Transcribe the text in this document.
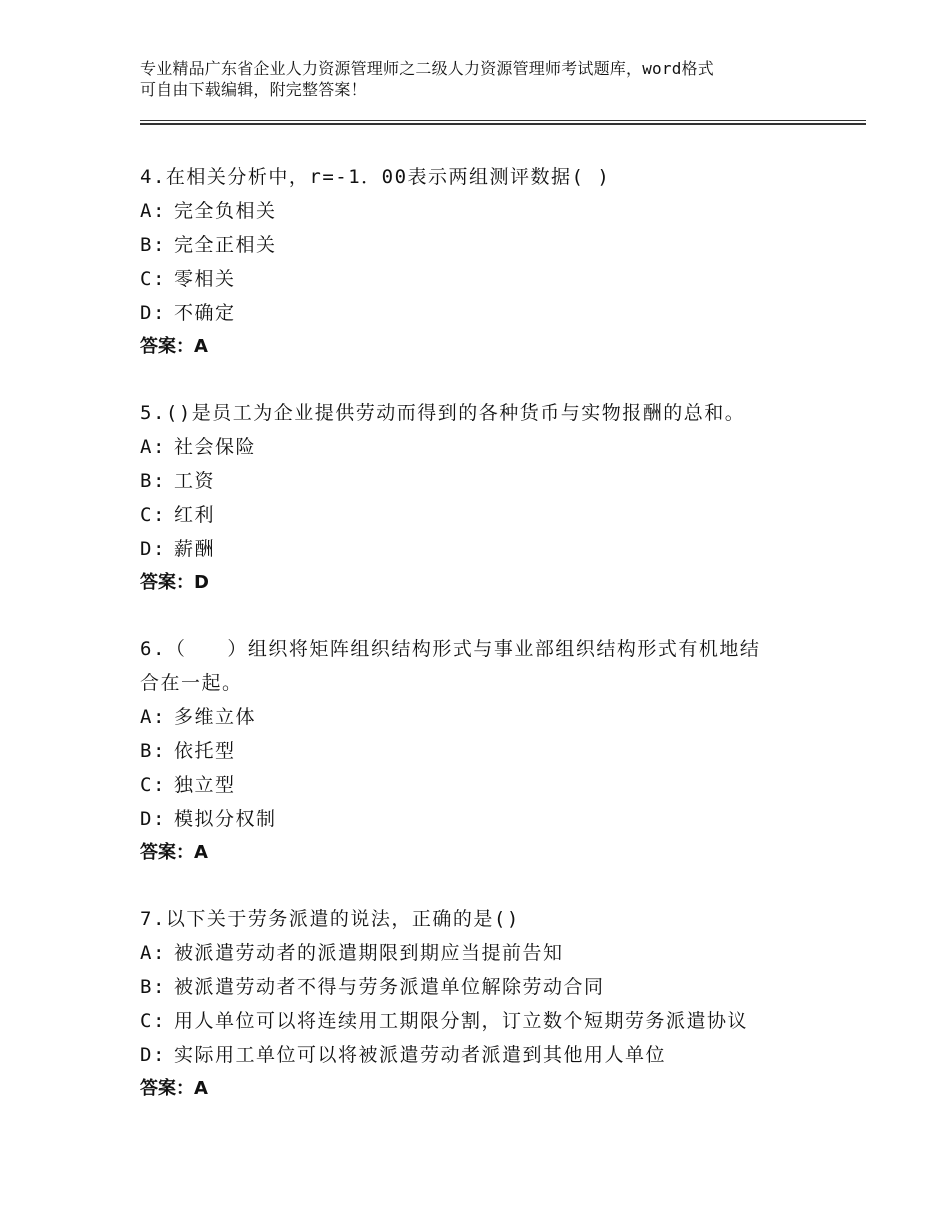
专业精品广东省企业人力资源管理师之二级人力资源管理师考试题库，word格式
可自由下载编辑，附完整答案！
4.在相关分析中，r=-1．00表示两组测评数据( )
A: 完全负相关
B: 完全正相关
C: 零相关
D: 不确定
答案：A
5.()是员工为企业提供劳动而得到的各种货币与实物报酬的总和。
A: 社会保险
B: 工资
C: 红利
D: 薪酬
答案：D
6.（　　）组织将矩阵组织结构形式与事业部组织结构形式有机地结
合在一起。
A: 多维立体
B: 依托型
C: 独立型
D: 模拟分权制
答案：A
7.以下关于劳务派遣的说法，正确的是()
A: 被派遣劳动者的派遣期限到期应当提前告知
B: 被派遣劳动者不得与劳务派遣单位解除劳动合同
C: 用人单位可以将连续用工期限分割，订立数个短期劳务派遣协议
D: 实际用工单位可以将被派遣劳动者派遣到其他用人单位
答案：A
